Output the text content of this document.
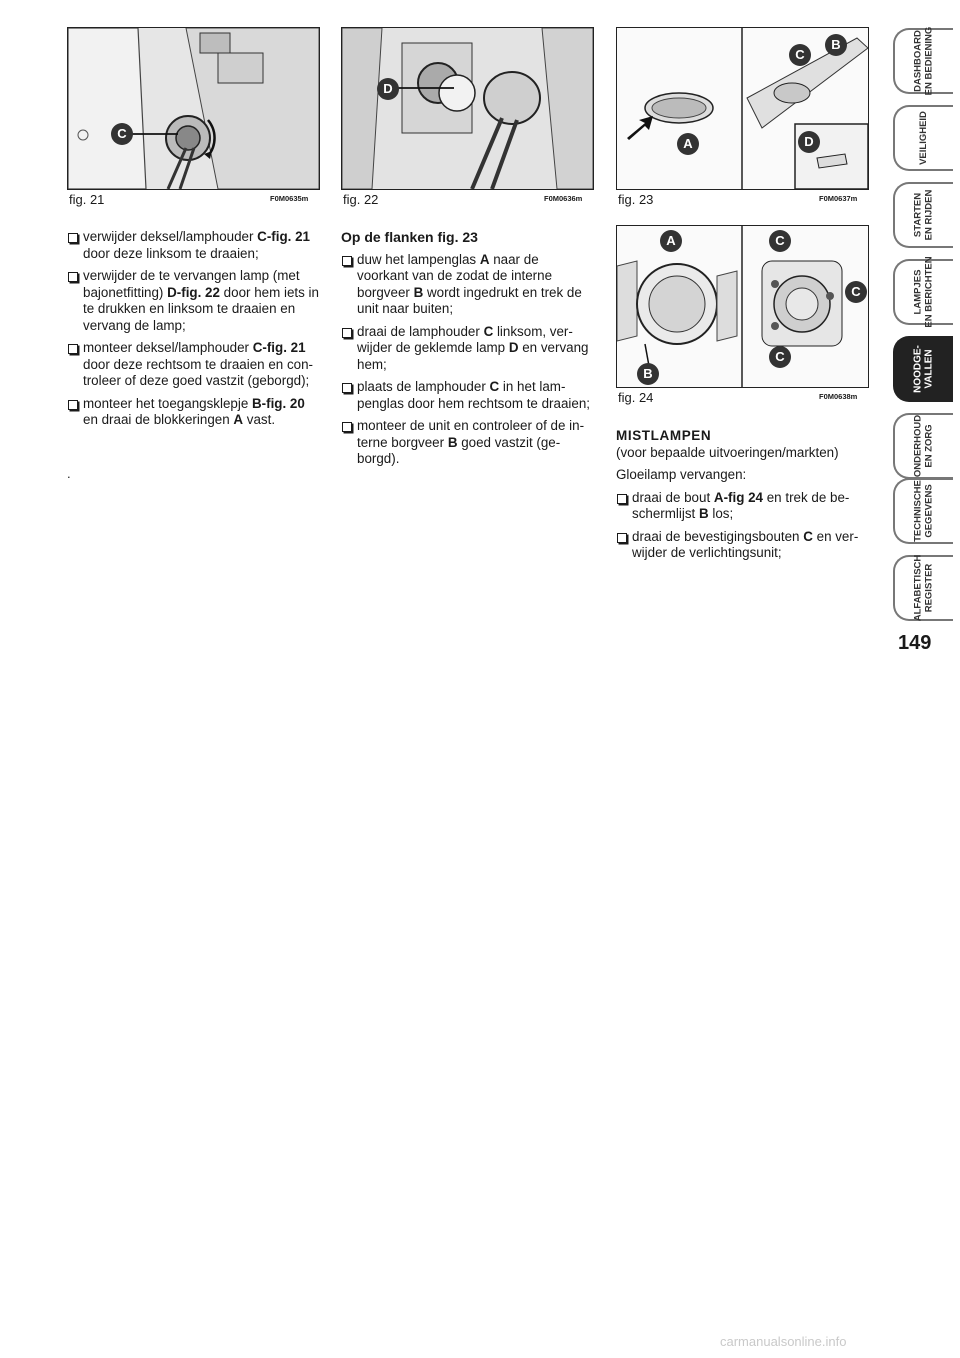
C
fig. 21	F0M0635m
D
fig. 22	F0M0636m
A
B
C
D
fig. 23	F0M0637m
A
B
C
C
C
fig. 24	F0M0638m
verwijder deksel/lamphouder C-fig. 21 door deze linksom te draaien;
verwijder de te vervangen lamp (met bajonetfitting) D-fig. 22 door hem iets in te drukken en linksom te draaien en vervang de lamp;
monteer deksel/lamphouder C-fig. 21 door deze rechtsom te draaien en con-troleer of deze goed vastzit (geborgd);
monteer het toegangsklepje B-fig. 20 en draai de blokkeringen A vast.
.
Op de flanken fig. 23
duw het lampenglas A naar de voorkant van de zodat de interne borgveer B wordt ingedrukt en trek de unit naar buiten;
draai de lamphouder C linksom, ver-wijder de geklemde lamp D en vervang hem;
plaats de lamphouder C in het lam-penglas door hem rechtsom te draaien;
monteer de unit en controleer of de in-terne borgveer B goed vastzit (ge-borgd).
MISTLAMPEN

(voor bepaalde uitvoeringen/markten)

Gloeilamp vervangen:

draai de bout A-fig 24 en trek de be-schermlijst B los;
draai de bevestigingsbouten C en ver-wijder de verlichtingsunit;
DASHBOARD
EN BEDIENING
VEILIGHEID
STARTEN
EN RIJDEN
LAMPJES
EN BERICHTEN
NOODGE-
VALLEN
ONDERHOUD
EN ZORG
TECHNISCHE
GEGEVENS
ALFABETISCH
REGISTER
149
carmanualsonline.info
